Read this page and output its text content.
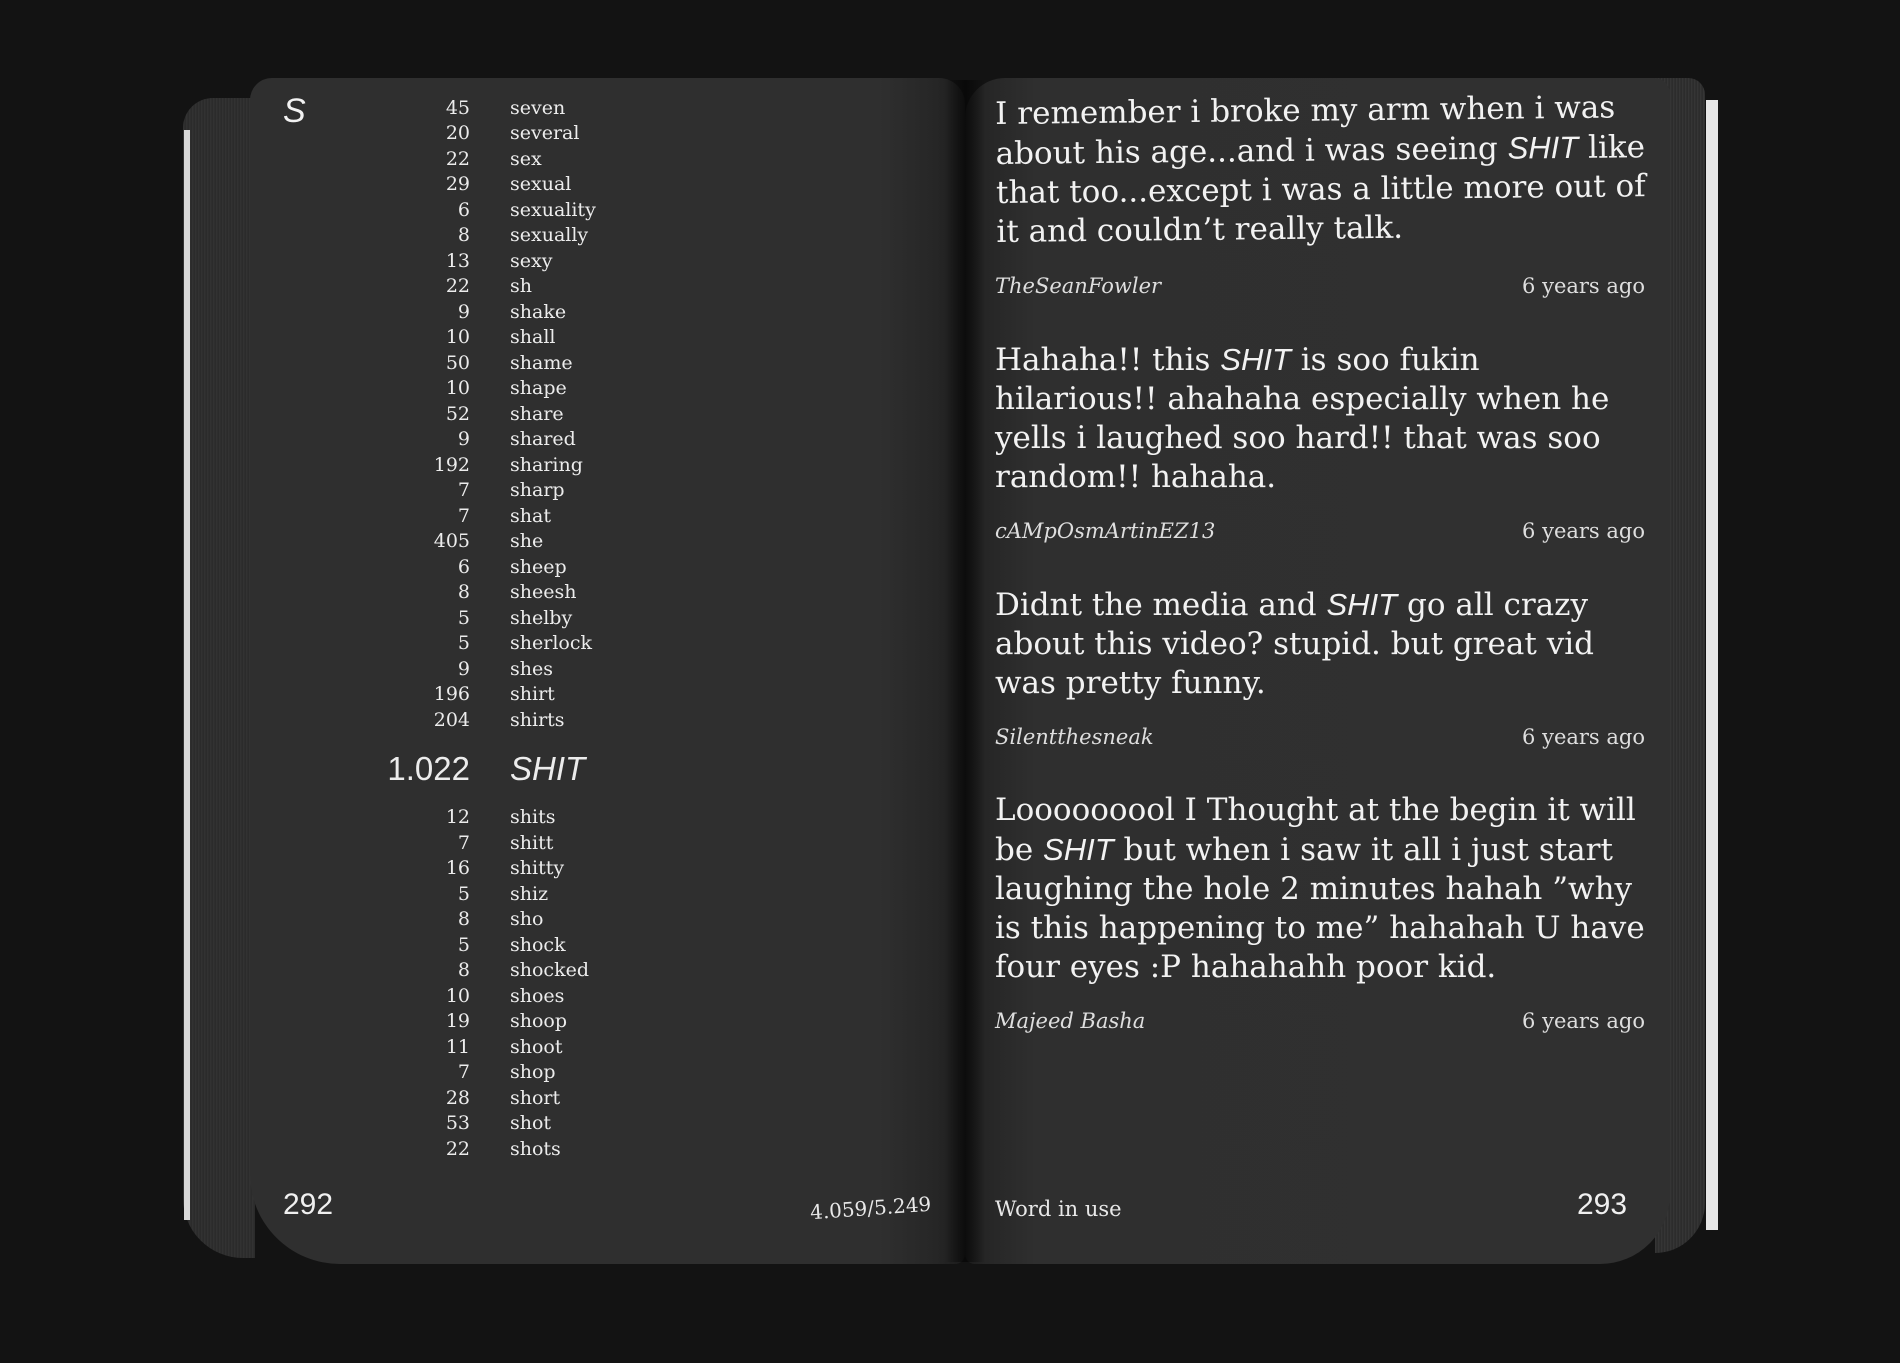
S	45	seven
20	several
22	sex
29	sexual
6	sexuality
8	sexually
13	sexy
22	sh
9	shake
10	shall
50	shame
10	shape
52	share
9	shared
192	sharing
7	sharp
7	shat
405	she
6	sheep
8	sheesh
5	shelby
5	sherlock
9	shes
196	shirt
204	shirts
1.022	SHIT
12	shits
7	shitt
16	shitty
5	shiz
8	sho
5	shock
8	shocked
10	shoes
19	shoop
11	shoot
7	shop
28	short
53	shot
22	shots
292	4.059/5.249

I remember i broke my arm when i was about his age...and i was seeing SHIT like that too...except i was a little more out of it and couldn’t really talk.

TheSeanFowler	6 years ago

Hahaha!! this SHIT is soo fukin hilarious!! ahahaha especially when he yells i laughed soo hard!! that was soo random!! hahaha.

cAMpOsmArtinEZ13	6 years ago

Didnt the media and SHIT go all crazy about this video? stupid. but great vid was pretty funny.

Silentthesneak	6 years ago

Looooooool I Thought at the begin it will be SHIT but when i saw it all i just start laughing the hole 2 minutes hahah ”why is this happening to me” hahahah U have four eyes :P hahahahh poor kid.

Majeed Basha	6 years ago
Word in use	293
